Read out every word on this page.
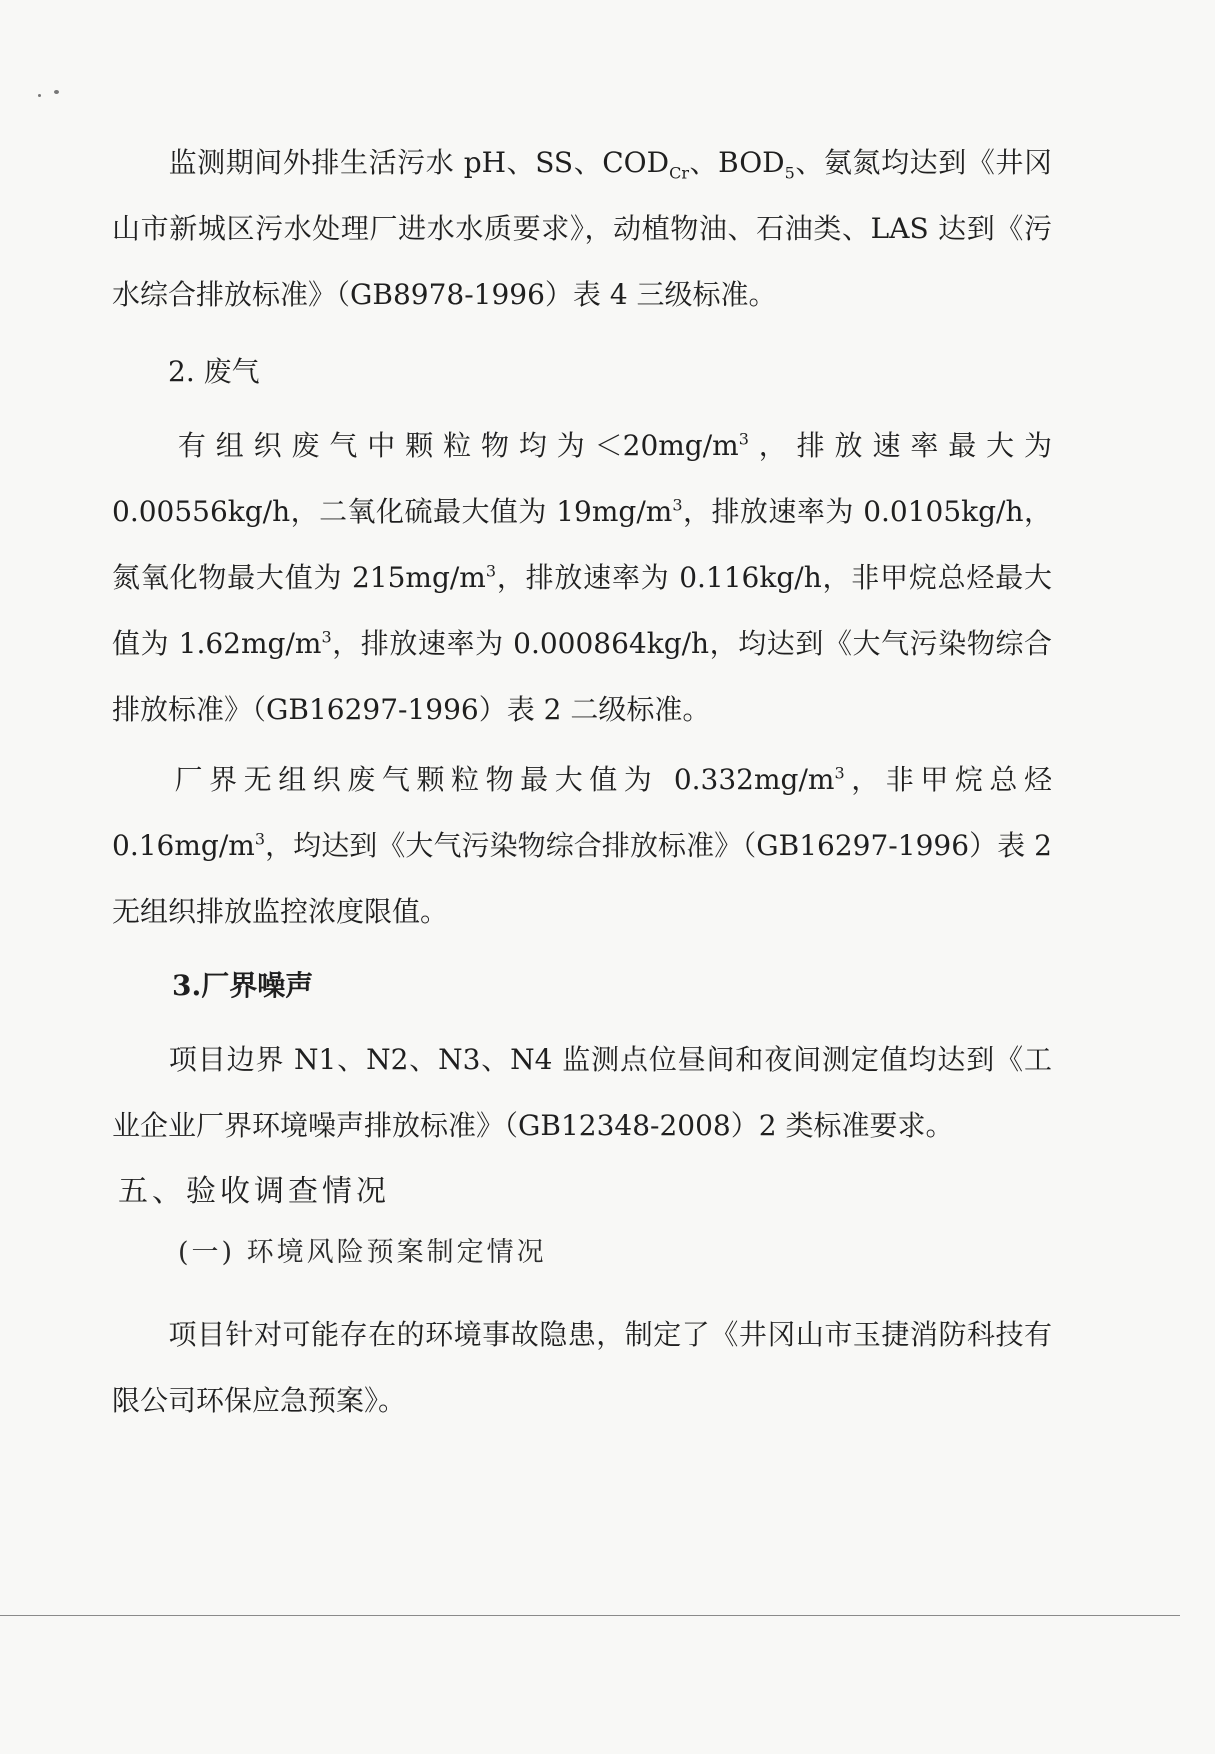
监测期间外排生活污水 pH、SS、$COD_{Cr}$、$BOD_5$、氨氮均达到《井冈山市新城区污水处理厂进水水质要求》，动植物油、石油类、LAS 达到《污水综合排放标准》（GB8978-1996）表 4 三级标准。
2. 废气
有组织废气中颗粒物均为$<20mg/m^3$，排放速率最大为 0.00556kg/h，二氧化硫最大值为 $19mg/m^3$，排放速率为 0.0105kg/h，氮氧化物最大值为 $215mg/m^3$，排放速率为 0.116kg/h，非甲烷总烃最大值为 $1.62mg/m^3$，排放速率为 0.000864kg/h，均达到《大气污染物综合排放标准》（GB16297-1996）表 2 二级标准。
厂界无组织废气颗粒物最大值为 $0.332mg/m^3$，非甲烷总烃 $0.16mg/m^3$，均达到《大气污染物综合排放标准》（GB16297-1996）表 2 无组织排放监控浓度限值。
3.厂界噪声
项目边界 N1、N2、N3、N4 监测点位昼间和夜间测定值均达到《工业企业厂界环境噪声排放标准》（GB12348-2008）2 类标准要求。
五、验收调查情况
(一) 环境风险预案制定情况
项目针对可能存在的环境事故隐患，制定了《井冈山市玉捷消防科技有限公司环保应急预案》。
